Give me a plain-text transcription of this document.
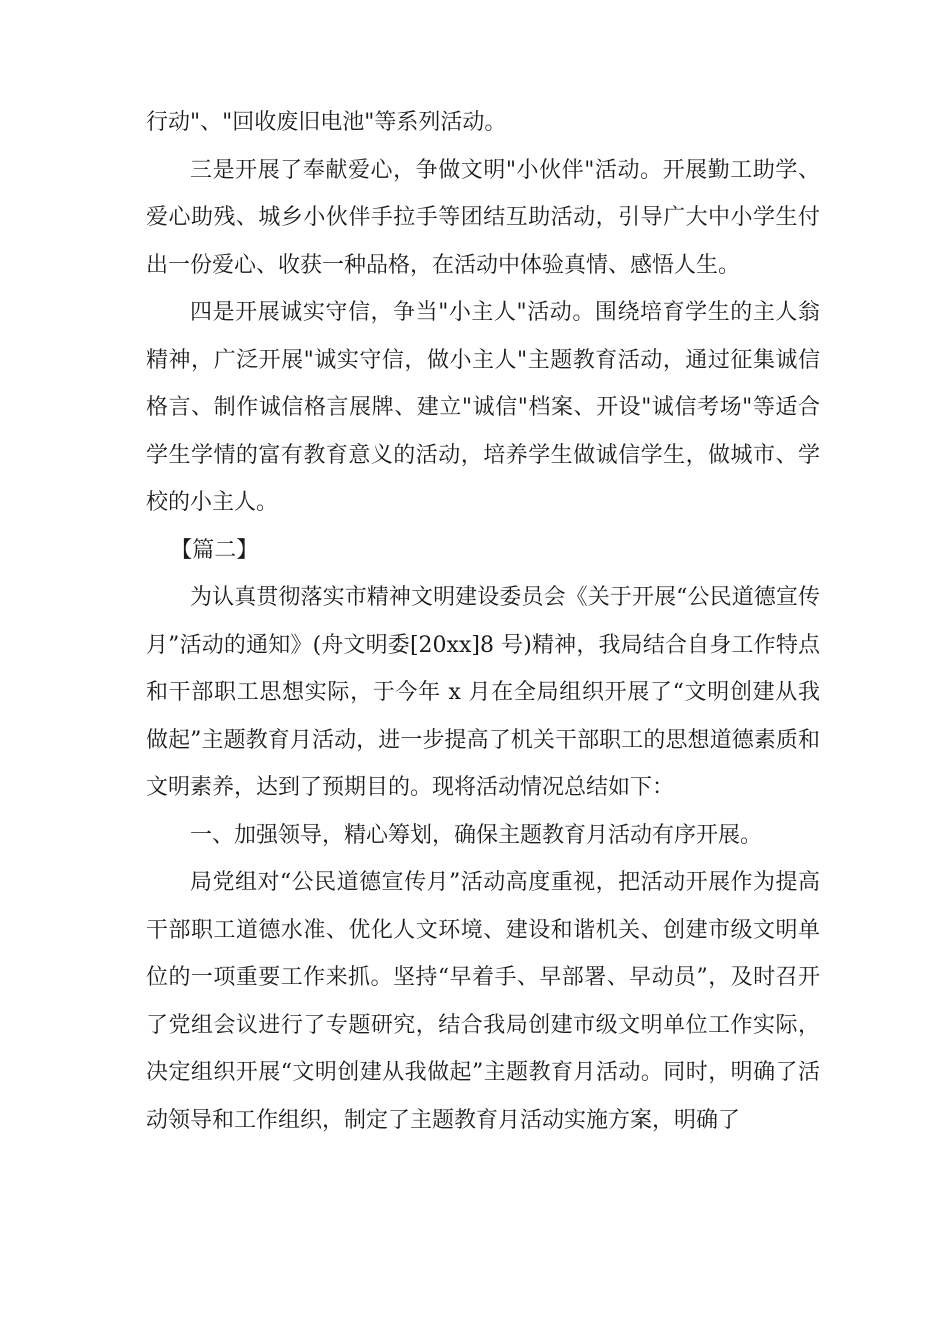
行动"、"回收废旧电池"等系列活动。

三是开展了奉献爱心，争做文明"小伙伴"活动。开展勤工助学、爱心助残、城乡小伙伴手拉手等团结互助活动，引导广大中小学生付出一份爱心、收获一种品格，在活动中体验真情、感悟人生。

四是开展诚实守信，争当"小主人"活动。围绕培育学生的主人翁精神，广泛开展"诚实守信，做小主人"主题教育活动，通过征集诚信格言、制作诚信格言展牌、建立"诚信"档案、开设"诚信考场"等适合学生学情的富有教育意义的活动，培养学生做诚信学生，做城市、学校的小主人。

【篇二】

为认真贯彻落实市精神文明建设委员会《关于开展“公民道德宣传月”活动的通知》(舟文明委[20xx]8 号)精神，我局结合自身工作特点和干部职工思想实际，于今年 x 月在全局组织开展了“文明创建从我做起”主题教育月活动，进一步提高了机关干部职工的思想道德素质和文明素养，达到了预期目的。现将活动情况总结如下：

一、加强领导，精心筹划，确保主题教育月活动有序开展。

局党组对“公民道德宣传月”活动高度重视，把活动开展作为提高干部职工道德水准、优化人文环境、建设和谐机关、创建市级文明单位的一项重要工作来抓。坚持“早着手、早部署、早动员”，及时召开了党组会议进行了专题研究，结合我局创建市级文明单位工作实际，决定组织开展“文明创建从我做起”主题教育月活动。同时，明确了活动领导和工作组织，制定了主题教育月活动实施方案，明确了
